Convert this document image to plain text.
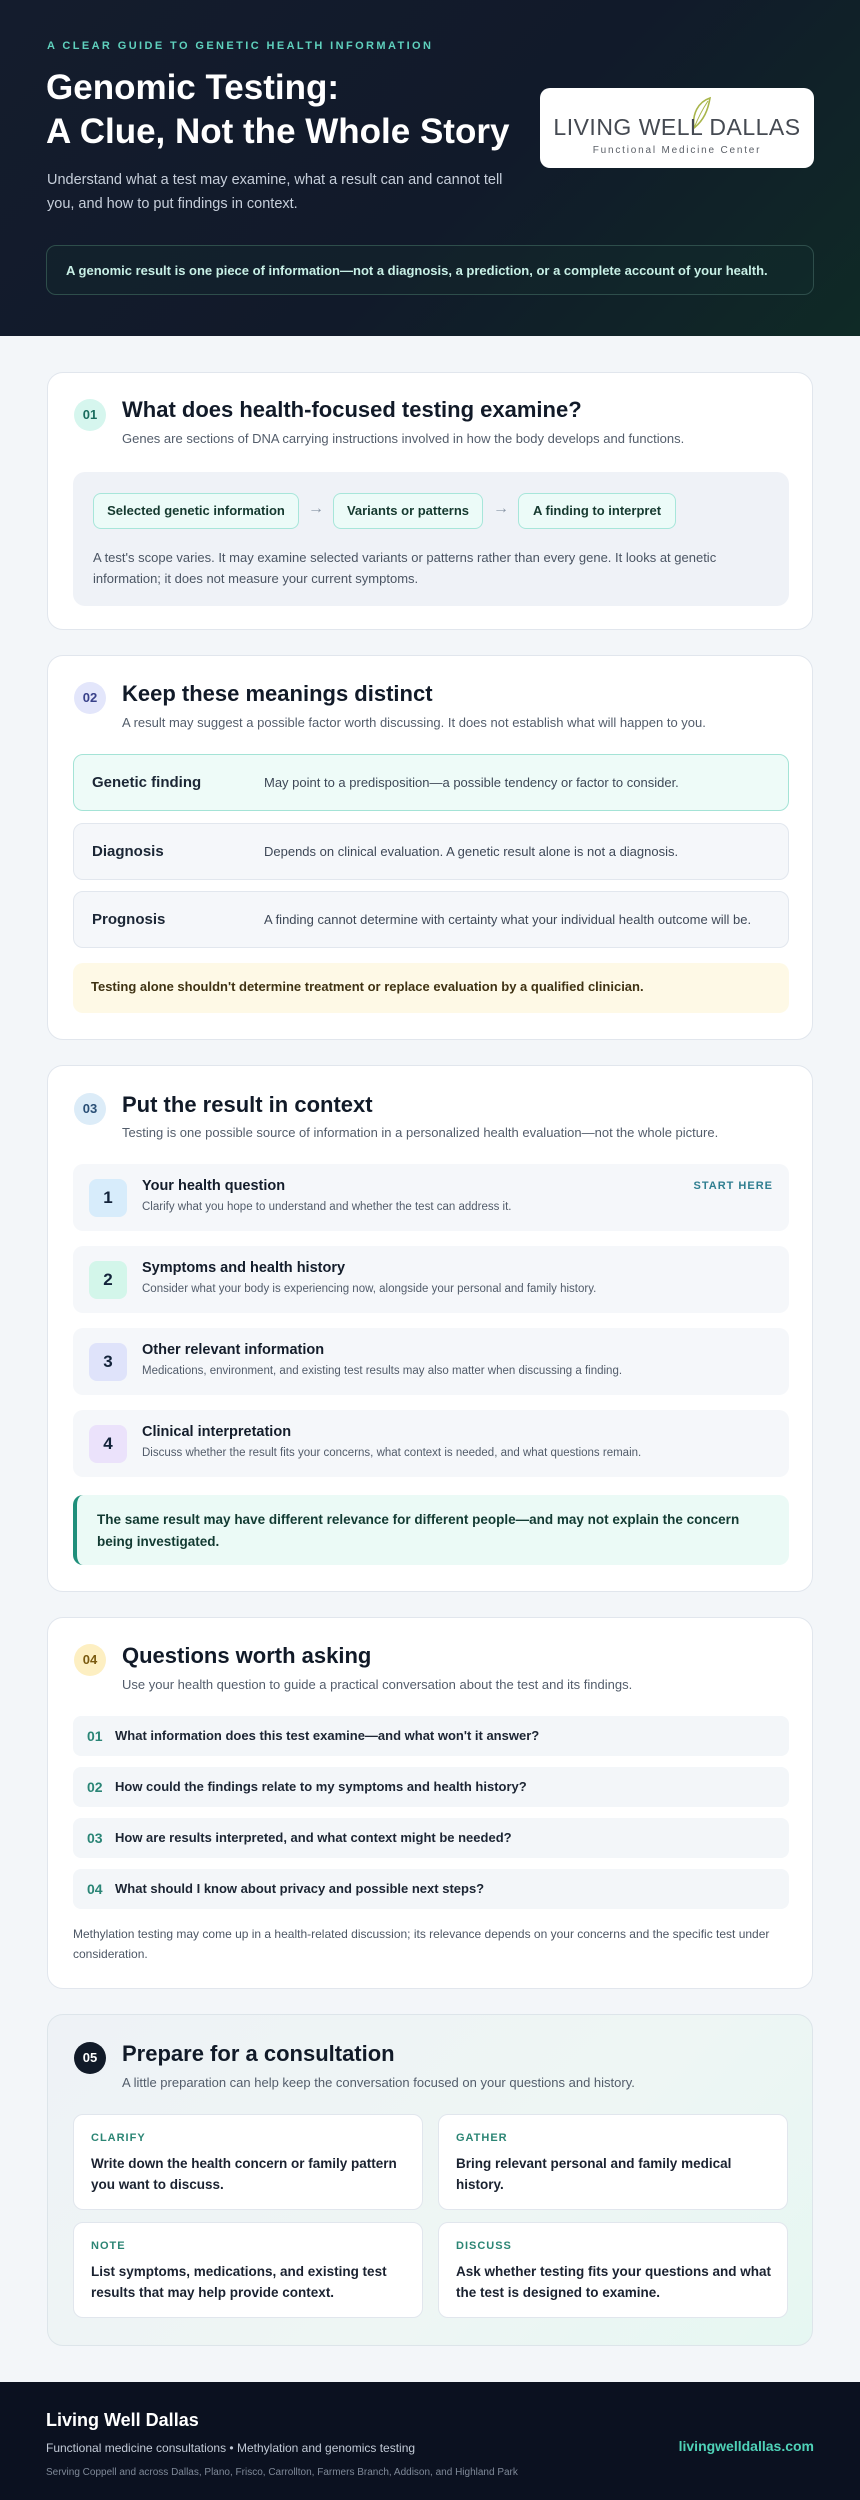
A CLEAR GUIDE TO GENETIC HEALTH INFORMATION
Genomic Testing:
A Clue, Not the Whole Story

Understand what a test may examine, what a result can and cannot tell you, and how to put findings in context.

LIVING WELL DALLAS
Functional Medicine Center
A genomic result is one piece of information—not a diagnosis, a prediction, or a complete account of your health.
01	What does health-focused testing examine?

Genes are sections of DNA carrying instructions involved in how the body develops and functions.

Selected genetic information	→	Variants or patterns	→	A finding to interpret

A test's scope varies. It may examine selected variants or patterns rather than every gene. It looks at genetic information; it does not measure your current symptoms.

02	Keep these meanings distinct

A result may suggest a possible factor worth discussing. It does not establish what will happen to you.

Genetic finding	May point to a predisposition—a possible tendency or factor to consider.
Diagnosis	Depends on clinical evaluation. A genetic result alone is not a diagnosis.
Prognosis	A finding cannot determine with certainty what your individual health outcome will be.
Testing alone shouldn't determine treatment or replace evaluation by a qualified clinician.
03	Put the result in context

Testing is one possible source of information in a personalized health evaluation—not the whole picture.

1
Your health question
Clarify what you hope to understand and whether the test can address it.
START HERE
2
Symptoms and health history
Consider what your body is experiencing now, alongside your personal and family history.
3
Other relevant information
Medications, environment, and existing test results may also matter when discussing a finding.
4
Clinical interpretation
Discuss whether the result fits your concerns, what context is needed, and what questions remain.
The same result may have different relevance for different people—and may not explain the concern being investigated.
04	Questions worth asking

Use your health question to guide a practical conversation about the test and its findings.

01 What information does this test examine—and what won't it answer?
02 How could the findings relate to my symptoms and health history?
03 How are results interpreted, and what context might be needed?
04 What should I know about privacy and possible next steps?

Methylation testing may come up in a health-related discussion; its relevance depends on your concerns and the specific test under consideration.

05	Prepare for a consultation

A little preparation can help keep the conversation focused on your questions and history.

CLARIFY
Write down the health concern or family pattern you want to discuss.
GATHER
Bring relevant personal and family medical history.
NOTE
List symptoms, medications, and existing test results that may help provide context.
DISCUSS
Ask whether testing fits your questions and what the test is designed to examine.
Living Well Dallas
Functional medicine consultations • Methylation and genomics testing
Serving Coppell and across Dallas, Plano, Frisco, Carrollton, Farmers Branch, Addison, and Highland Park
livingwelldallas.com
